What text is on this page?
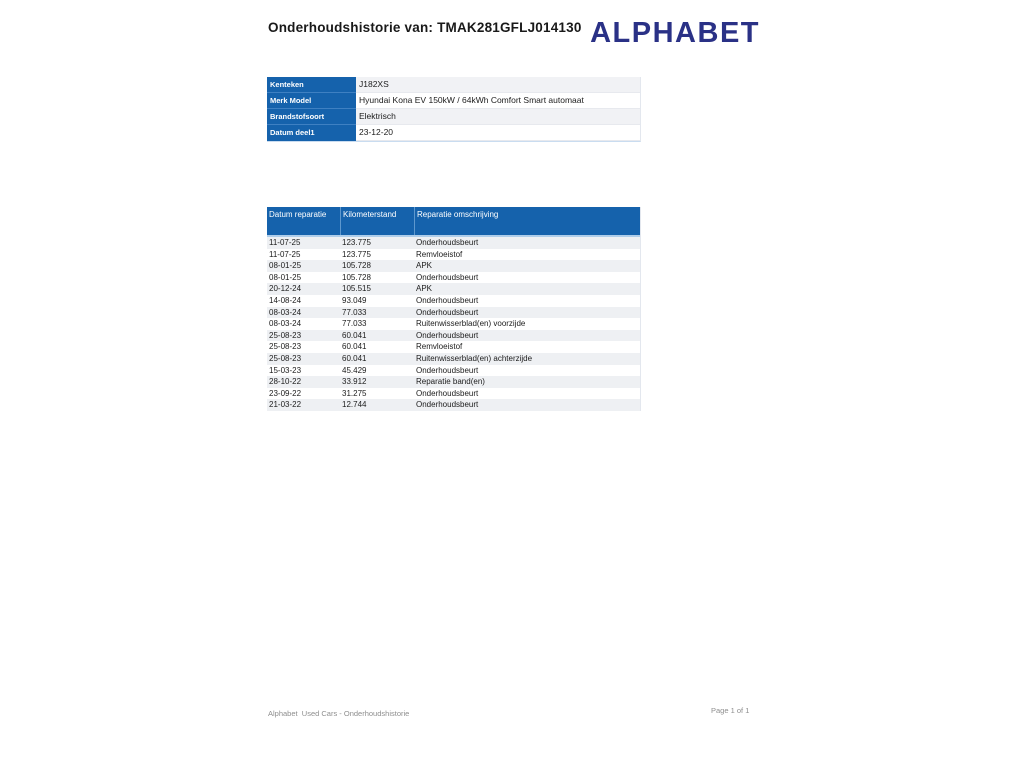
Onderhoudshistorie van: TMAK281GFLJ014130 ALPHABET
Kenteken	J182XS
Merk Model	Hyundai Kona EV 150kW / 64kWh Comfort Smart automaat
Brandstofsoort	Elektrisch
Datum deel1	23-12-20
Datum reparatie	Kilometerstand	Reparatie omschrijving
11-07-25	123.775	Onderhoudsbeurt
11-07-25	123.775	Remvloeistof
08-01-25	105.728	APK
08-01-25	105.728	Onderhoudsbeurt
20-12-24	105.515	APK
14-08-24	93.049	Onderhoudsbeurt
08-03-24	77.033	Onderhoudsbeurt
08-03-24	77.033	Ruitenwisserblad(en) voorzijde
25-08-23	60.041	Onderhoudsbeurt
25-08-23	60.041	Remvloeistof
25-08-23	60.041	Ruitenwisserblad(en) achterzijde
15-03-23	45.429	Onderhoudsbeurt
28-10-22	33.912	Reparatie band(en)
23-09-22	31.275	Onderhoudsbeurt
21-03-22	12.744	Onderhoudsbeurt
Alphabet  Used Cars - Onderhoudshistorie	Page 1 of 1
